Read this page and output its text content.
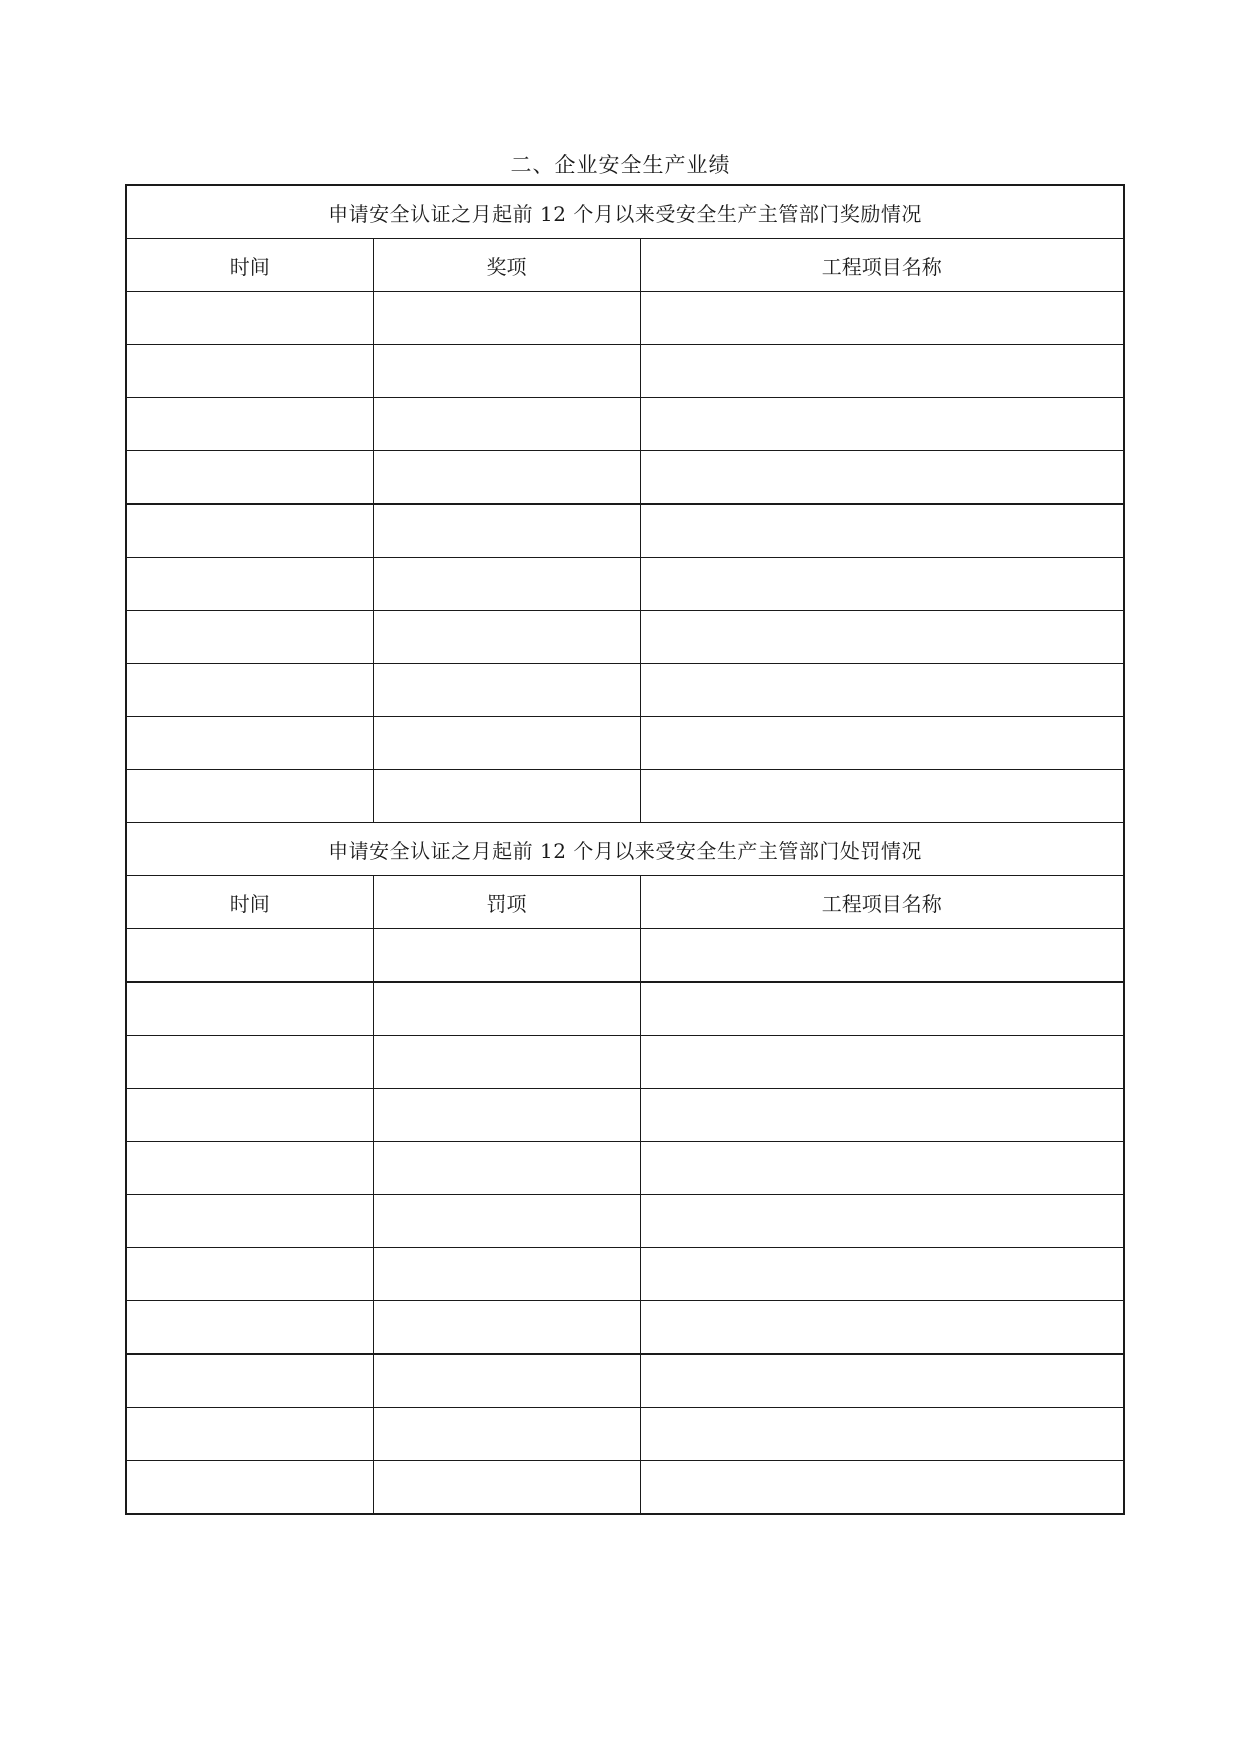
二、企业安全生产业绩
申请安全认证之月起前 12 个月以来受安全生产主管部门奖励情况		
时间	奖项	工程项目名称

申请安全认证之月起前 12 个月以来受安全生产主管部门处罚情况		
时间	罚项	工程项目名称
